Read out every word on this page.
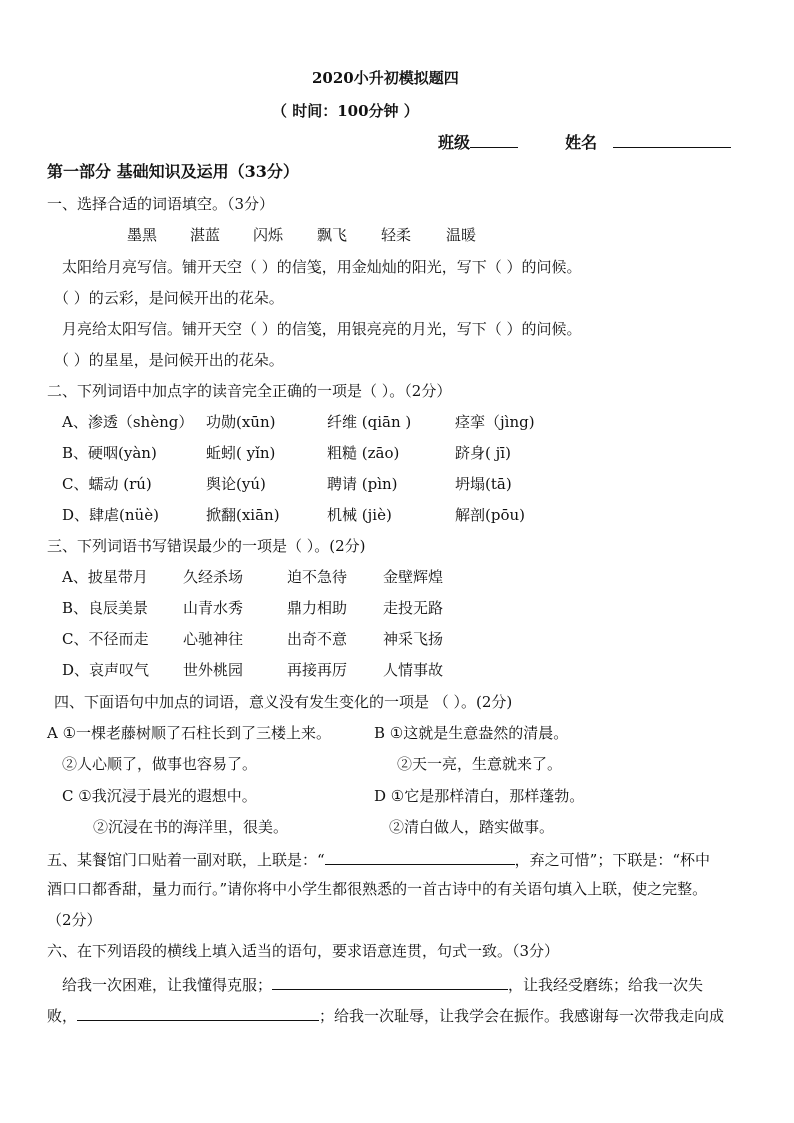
2020小升初模拟题四
（ 时间：100分钟 ）
班级	姓名
第一部分 基础知识及运用（33分）
一、选择合适的词语填空。（3分）
墨黑 湛蓝 闪烁 飘飞 轻柔 温暖
太阳给月亮写信。铺开天空（ ）的信笺，用金灿灿的阳光，写下（ ）的问候。
（ ）的云彩，是问候开出的花朵。
月亮给太阳写信。铺开天空（ ）的信笺，用银亮亮的月光，写下（ ）的问候。
（ ）的星星，是问候开出的花朵。
二、下列词语中加点字的读音完全正确的一项是（ ）。（2分）
A、渗透（shèng） 功勋(xūn)	纤维 (qiān )	痉挛（jìng)
B、硬咽(yàn)	蚯蚓( yǐn)	粗糙 (zāo)	跻身( jī)
C、蠕动 (rú)	舆论(yú)	聘请 (pìn)	坍塌(tā)
D、肆虐(nüè)	掀翻(xiān)	机械 (jiè)	解剖(pōu)
三、下列词语书写错误最少的一项是（ ）。(2分)
A、披星带月 久经杀场	迫不急待 金壁辉煌
B、良辰美景 山青水秀	鼎力相助 走投无路
C、不径而走 心驰神往	出奇不意 神采飞扬
D、哀声叹气 世外桃园	再接再厉 人情事故
四、下面语句中加点的词语，意义没有发生变化的一项是 （ ）。(2分)
A ①一棵老藤树顺了石柱长到了三楼上来。	B ①这就是生意盎然的清晨。
②人心顺了，做事也容易了。	②天一亮，生意就来了。
C ①我沉浸于晨光的遐想中。	D ①它是那样清白，那样蓬勃。
②沉浸在书的海洋里，很美。	②清白做人，踏实做事。
五、某餐馆门口贴着一副对联，上联是：“	，弃之可惜”；下联是：“杯中
酒口口都香甜，量力而行。”请你将中小学生都很熟悉的一首古诗中的有关语句填入上联，使之完整。
（2分）
六、在下列语段的横线上填入适当的语句，要求语意连贯，句式一致。（3分）
给我一次困难，让我懂得克服；	，让我经受磨练；给我一次失
败，	；给我一次耻辱，让我学会在振作。我感谢每一次带我走向成
